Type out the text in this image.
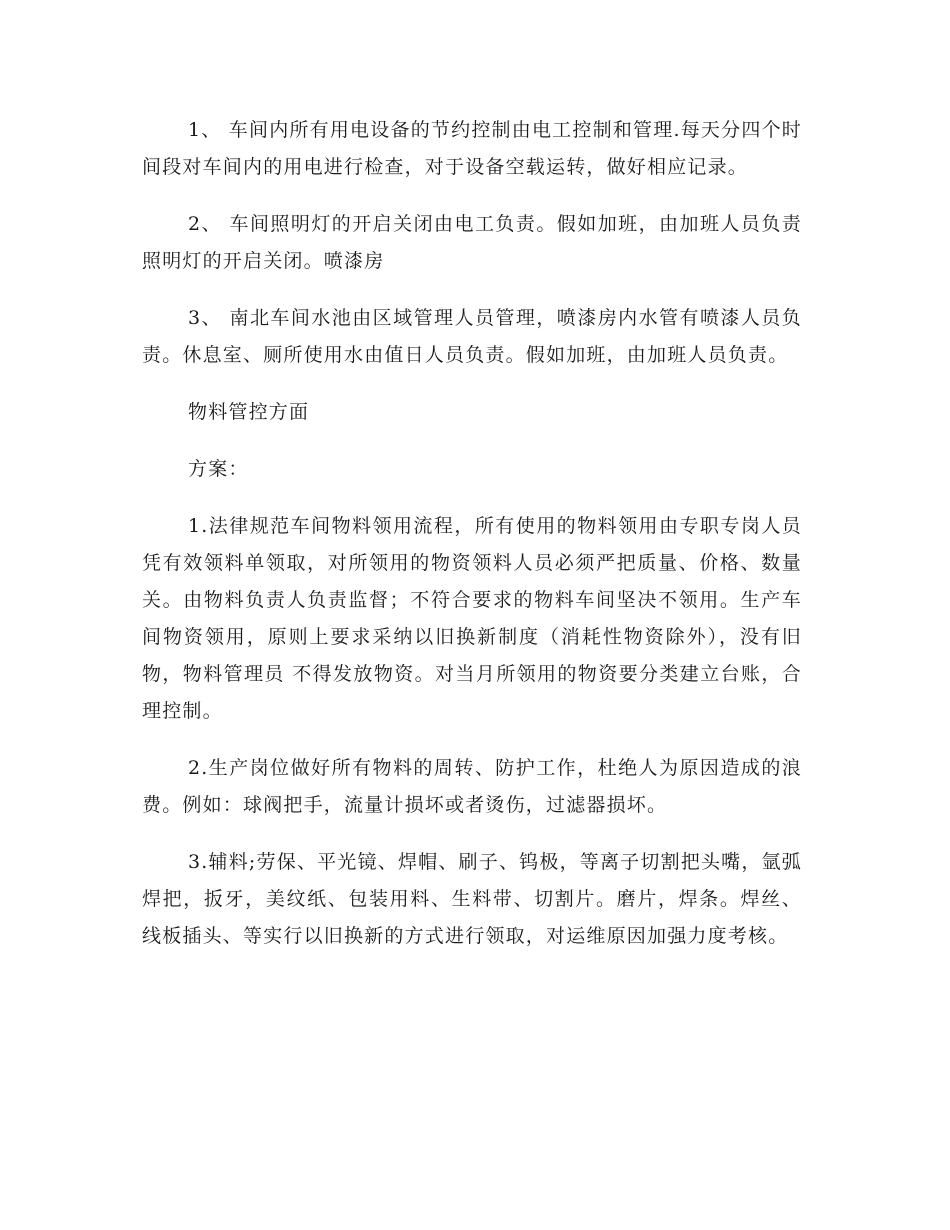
1、 车间内所有用电设备的节约控制由电工控制和管理.每天分四个时间段对车间内的用电进行检查，对于设备空载运转，做好相应记录。

2、 车间照明灯的开启关闭由电工负责。假如加班，由加班人员负责照明灯的开启关闭。喷漆房

3、 南北车间水池由区域管理人员管理，喷漆房内水管有喷漆人员负责。休息室、厕所使用水由值日人员负责。假如加班，由加班人员负责。

物料管控方面

方案：

1.法律规范车间物料领用流程，所有使用的物料领用由专职专岗人员凭有效领料单领取，对所领用的物资领料人员必须严把质量、价格、数量关。由物料负责人负责监督；不符合要求的物料车间坚决不领用。生产车间物资领用，原则上要求采纳以旧换新制度（消耗性物资除外），没有旧物，物料管理员 不得发放物资。对当月所领用的物资要分类建立台账，合理控制。

2.生产岗位做好所有物料的周转、防护工作，杜绝人为原因造成的浪费。例如：球阀把手，流量计损坏或者烫伤，过滤器损坏。

3.辅料;劳保、平光镜、焊帽、刷子、钨极，等离子切割把头嘴，氩弧焊把，扳牙，美纹纸、包装用料、生料带、切割片。磨片，焊条。焊丝、线板插头、等实行以旧换新的方式进行领取，对运维原因加强力度考核。
